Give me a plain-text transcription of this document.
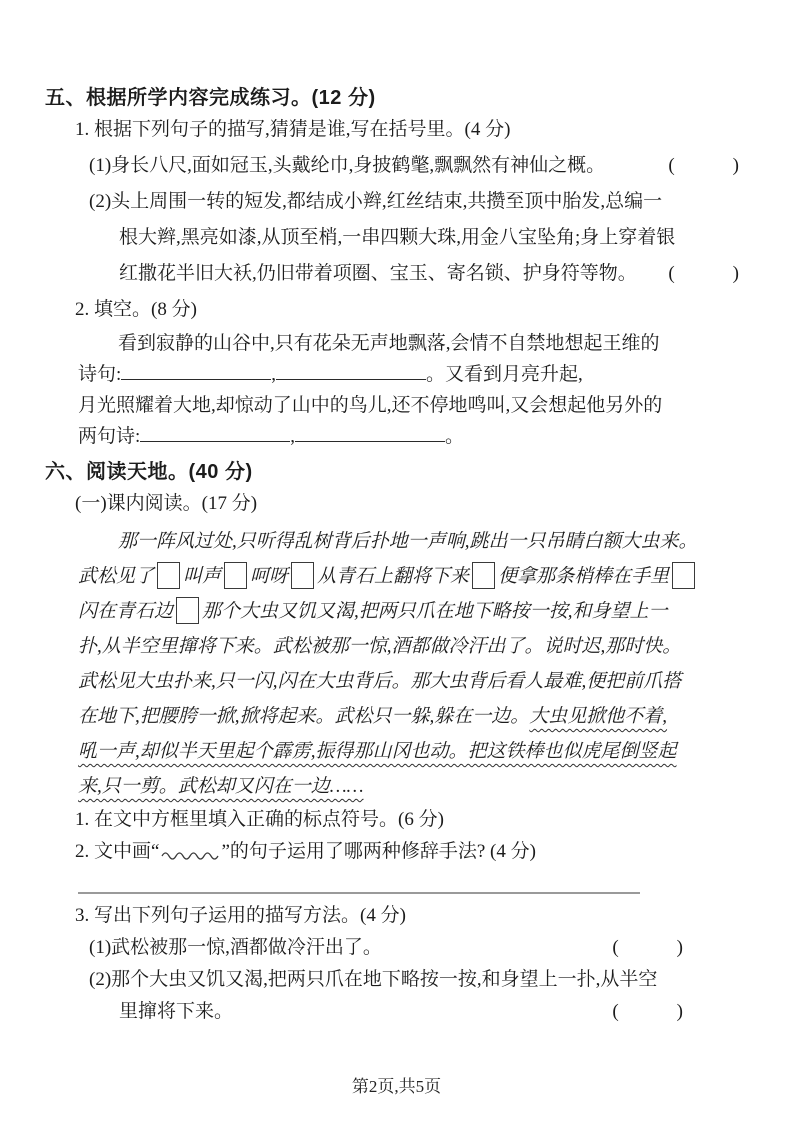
五、根据所学内容完成练习。(12 分)
1. 根据下列句子的描写,猜猜是谁,写在括号里。(4 分)
(1)身长八尺,面如冠玉,头戴纶巾,身披鹤氅,飘飘然有神仙之概。	(	)
(2)头上周围一转的短发,都结成小辫,红丝结束,共攒至顶中胎发,总编一
根大辫,黑亮如漆,从顶至梢,一串四颗大珠,用金八宝坠角;身上穿着银
红撒花半旧大袄,仍旧带着项圈、宝玉、寄名锁、护身符等物。 (	)
2. 填空。(8 分)
看到寂静的山谷中,只有花朵无声地飘落,会情不自禁地想起王维的
诗句:	,	。又看到月亮升起,
月光照耀着大地,却惊动了山中的鸟儿,还不停地鸣叫,又会想起他另外的
两句诗:	,	。
六、阅读天地。(40 分)
(一)课内阅读。(17 分)
那一阵风过处,只听得乱树背后扑地一声响,跳出一只吊睛白额大虫来。
武松见了 叫声 呵呀 从青石上翻将下来 便拿那条梢棒在手里
闪在青石边 那个大虫又饥又渴,把两只爪在地下略按一按,和身望上一
扑,从半空里撺将下来。武松被那一惊,酒都做冷汗出了。说时迟,那时快。
武松见大虫扑来,只一闪,闪在大虫背后。那大虫背后看人最难,便把前爪搭
在地下,把腰胯一掀,掀将起来。武松只一躲,躲在一边。大虫见掀他不着,
吼一声,却似半天里起个霹雳,振得那山冈也动。把这铁棒也似虎尾倒竖起
来,只一剪。武松却又闪在一边……
1. 在文中方框里填入正确的标点符号。(6 分)
2. 文中画“	”的句子运用了哪两种修辞手法? (4 分)
3. 写出下列句子运用的描写方法。(4 分)
(1)武松被那一惊,酒都做冷汗出了。	(	)
(2)那个大虫又饥又渴,把两只爪在地下略按一按,和身望上一扑,从半空
里撺将下来。	(	)
第2页,共5页
